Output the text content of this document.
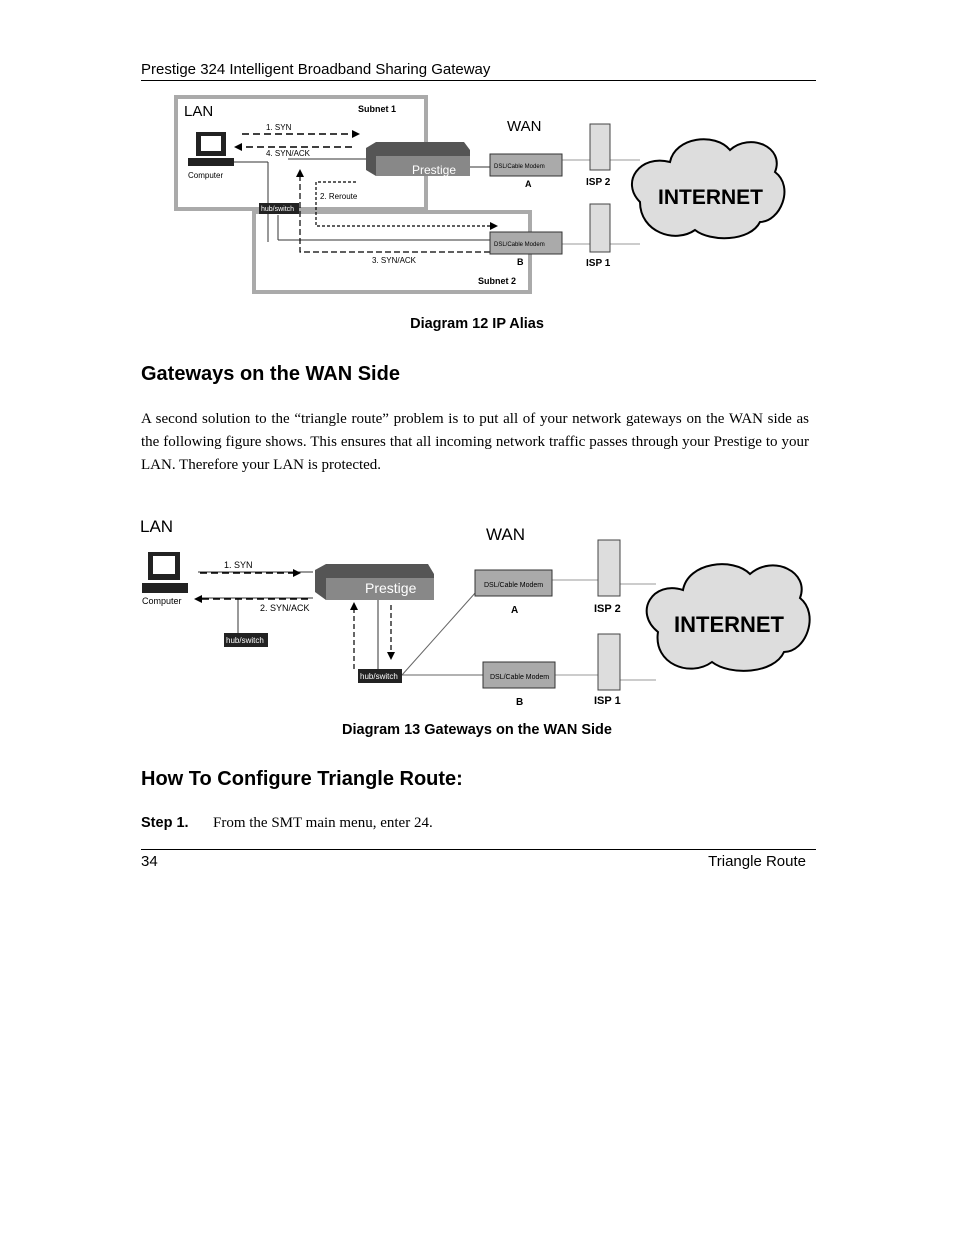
Prestige 324 Intelligent Broadband Sharing Gateway
LAN	Subnet 1
WAN
1. SYN
4. SYN/ACK
Computer	Prestige	DSL/Cable Modem
A	ISP 2
INTERNET
hub/switch
2. Reroute
DSL/Cable Modem
ISP 1
3. SYN/ACK	B
Subnet 2
Diagram 12 IP Alias
Gateways on the WAN Side
A second solution to the “triangle route” problem is to put all of your network gateways on the WAN side as the following figure shows. This ensures that all incoming network traffic passes through your Prestige to your LAN. Therefore your LAN is protected.
LAN	WAN
1. SYN
Computer
Prestige	DSL/Cable Modem
A	ISP 2
INTERNET
2. SYN/ACK
hub/switch
hub/switch	DSL/Cable Modem
B	ISP 1
Diagram 13 Gateways on the WAN Side
How To Configure Triangle Route:
Step 1. From the SMT main menu, enter 24.
34	Triangle Route
